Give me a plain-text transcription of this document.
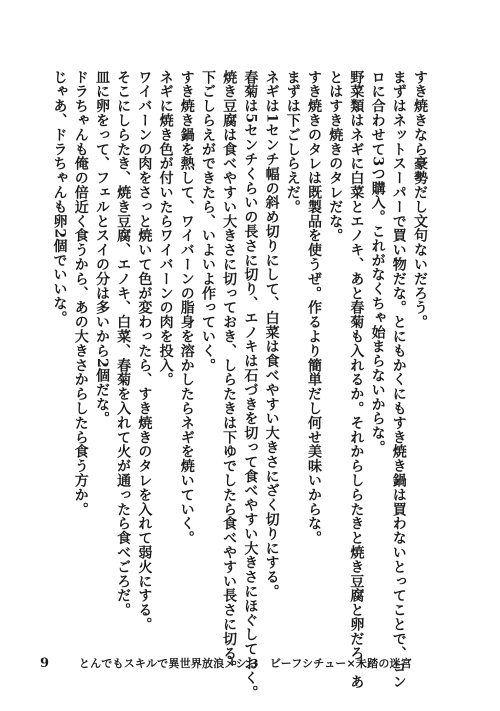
すき焼きなら豪勢だし文句ないだろう。

まずはネットスーパーで買い物だな。とにもかくにもすき焼き鍋は買わないとってことで、コン

ロに合わせて3つ購入。これがなくちゃ始まらないからな。

野菜類はネギに白菜とエノキ、あと春菊も入れるか。それからしらたきと焼き豆腐と卵だろ、あ

とはすき焼きのタレだな。

すき焼きのタレは既製品を使うぜ。作るより簡単だし何せ美味いからな。

まずは下ごしらえだ。

ネギは1センチ幅の斜め切りにして、白菜は食べやすい大きさにざく切りにする。

春菊は5センチくらいの長さに切り、エノキは石づきを切って食べやすい大きさにほぐしておく。

焼き豆腐は食べやすい大きさに切っておき、しらたきは下ゆでしたら食べやすい長さに切る。

下ごしらえができたら、いよいよ作っていく。

すき焼き鍋を熱して、ワイバーンの脂身を溶かしたらネギを焼いていく。

ネギに焼き色が付いたらワイバーンの肉を投入。

ワイバーンの肉をさっと焼いて色が変わったら、すき焼きのタレを入れて弱火にする。

そこにしらたき、焼き豆腐、エノキ、白菜、春菊を入れて火が通ったら食べごろだ。

皿に卵をって、フェルとスイの分は多いから2個だな。

ドラちゃんも俺の倍近く食うから、あの大きさからしたら食う方か。

じゃあ、ドラちゃんも卵2個でいいな。

9	とんでもスキルで異世界放浪メシ 3　ビーフシチュー×未踏の迷宮
